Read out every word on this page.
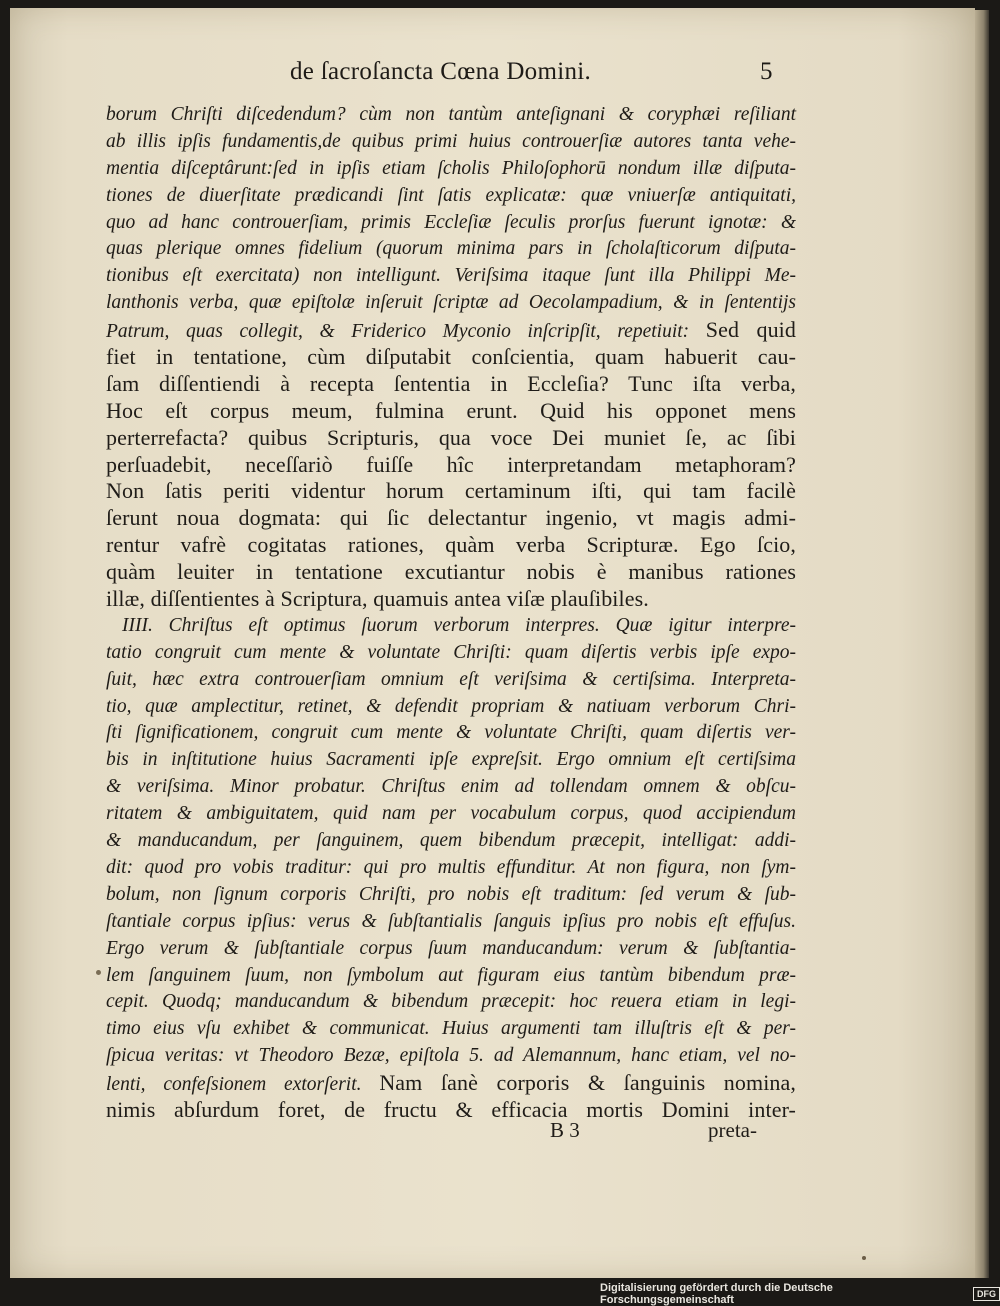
de ſacroſancta Cœna Domini.	5
borum Chriſti diſcedendum? cùm non tantùm anteſignani & coryphæi reſiliant
ab illis ipſis fundamentis,de quibus primi huius controuerſiæ autores tanta vehe-
mentia diſceptârunt:ſed in ipſis etiam ſcholis Philoſophorū nondum illæ diſputa-
tiones de diuerſitate prædicandi ſint ſatis explicatæ: quæ vniuerſæ antiquitati,
quo ad hanc controuerſiam, primis Eccleſiæ ſeculis prorſus fuerunt ignotæ: &
quas plerique omnes fidelium (quorum minima pars in ſcholaſticorum diſputa-
tionibus eſt exercitata) non intelligunt. Veriſsima itaque ſunt illa Philippi Me-
lanthonis verba, quæ epiſtolæ inſeruit ſcriptæ ad Oecolampadium, & in ſententijs
Patrum, quas collegit, & Friderico Myconio inſcripſit, repetiuit: Sed quid
fiet in tentatione, cùm diſputabit conſcientia, quam habuerit cau-
ſam diſſentiendi à recepta ſententia in Eccleſia? Tunc iſta verba,
Hoc eſt corpus meum, fulmina erunt. Quid his opponet mens
perterrefacta? quibus Scripturis, qua voce Dei muniet ſe, ac ſibi
perſuadebit, neceſſariò fuiſſe hîc interpretandam metaphoram?
Non ſatis periti videntur horum certaminum iſti, qui tam facilè
ſerunt noua dogmata: qui ſic delectantur ingenio, vt magis admi-
rentur vafrè cogitatas rationes, quàm verba Scripturæ. Ego ſcio,
quàm leuiter in tentatione excutiantur nobis è manibus rationes
illæ, diſſentientes à Scriptura, quamuis antea viſæ plauſibiles.
IIII. Chriſtus eſt optimus ſuorum verborum interpres. Quæ igitur interpre-
tatio congruit cum mente & voluntate Chriſti: quam diſertis verbis ipſe expo-
ſuit, hæc extra controuerſiam omnium eſt veriſsima & certiſsima. Interpreta-
tio, quæ amplectitur, retinet, & defendit propriam & natiuam verborum Chri-
ſti ſignificationem, congruit cum mente & voluntate Chriſti, quam diſertis ver-
bis in inſtitutione huius Sacramenti ipſe expreſsit. Ergo omnium eſt certiſsima
& veriſsima. Minor probatur. Chriſtus enim ad tollendam omnem & obſcu-
ritatem & ambiguitatem, quid nam per vocabulum corpus, quod accipiendum
& manducandum, per ſanguinem, quem bibendum præcepit, intelligat: addi-
dit: quod pro vobis traditur: qui pro multis effunditur. At non figura, non ſym-
bolum, non ſignum corporis Chriſti, pro nobis eſt traditum: ſed verum & ſub-
ſtantiale corpus ipſius: verus & ſubſtantialis ſanguis ipſius pro nobis eſt effuſus.
Ergo verum & ſubſtantiale corpus ſuum manducandum: verum & ſubſtantia-
lem ſanguinem ſuum, non ſymbolum aut figuram eius tantùm bibendum præ-
cepit. Quodq; manducandum & bibendum præcepit: hoc reuera etiam in legi-
timo eius vſu exhibet & communicat. Huius argumenti tam illuſtris eſt & per-
ſpicua veritas: vt Theodoro Bezæ, epiſtola 5. ad Alemannum, hanc etiam, vel no-
lenti, confeſsionem extorſerit. Nam ſanè corporis & ſanguinis nomina,
nimis abſurdum foret, de fructu & efficacia mortis Domini inter-
B 3	preta-
Digitalisierung gefördert durch die Deutsche Forschungsgemeinschaft	DFG
